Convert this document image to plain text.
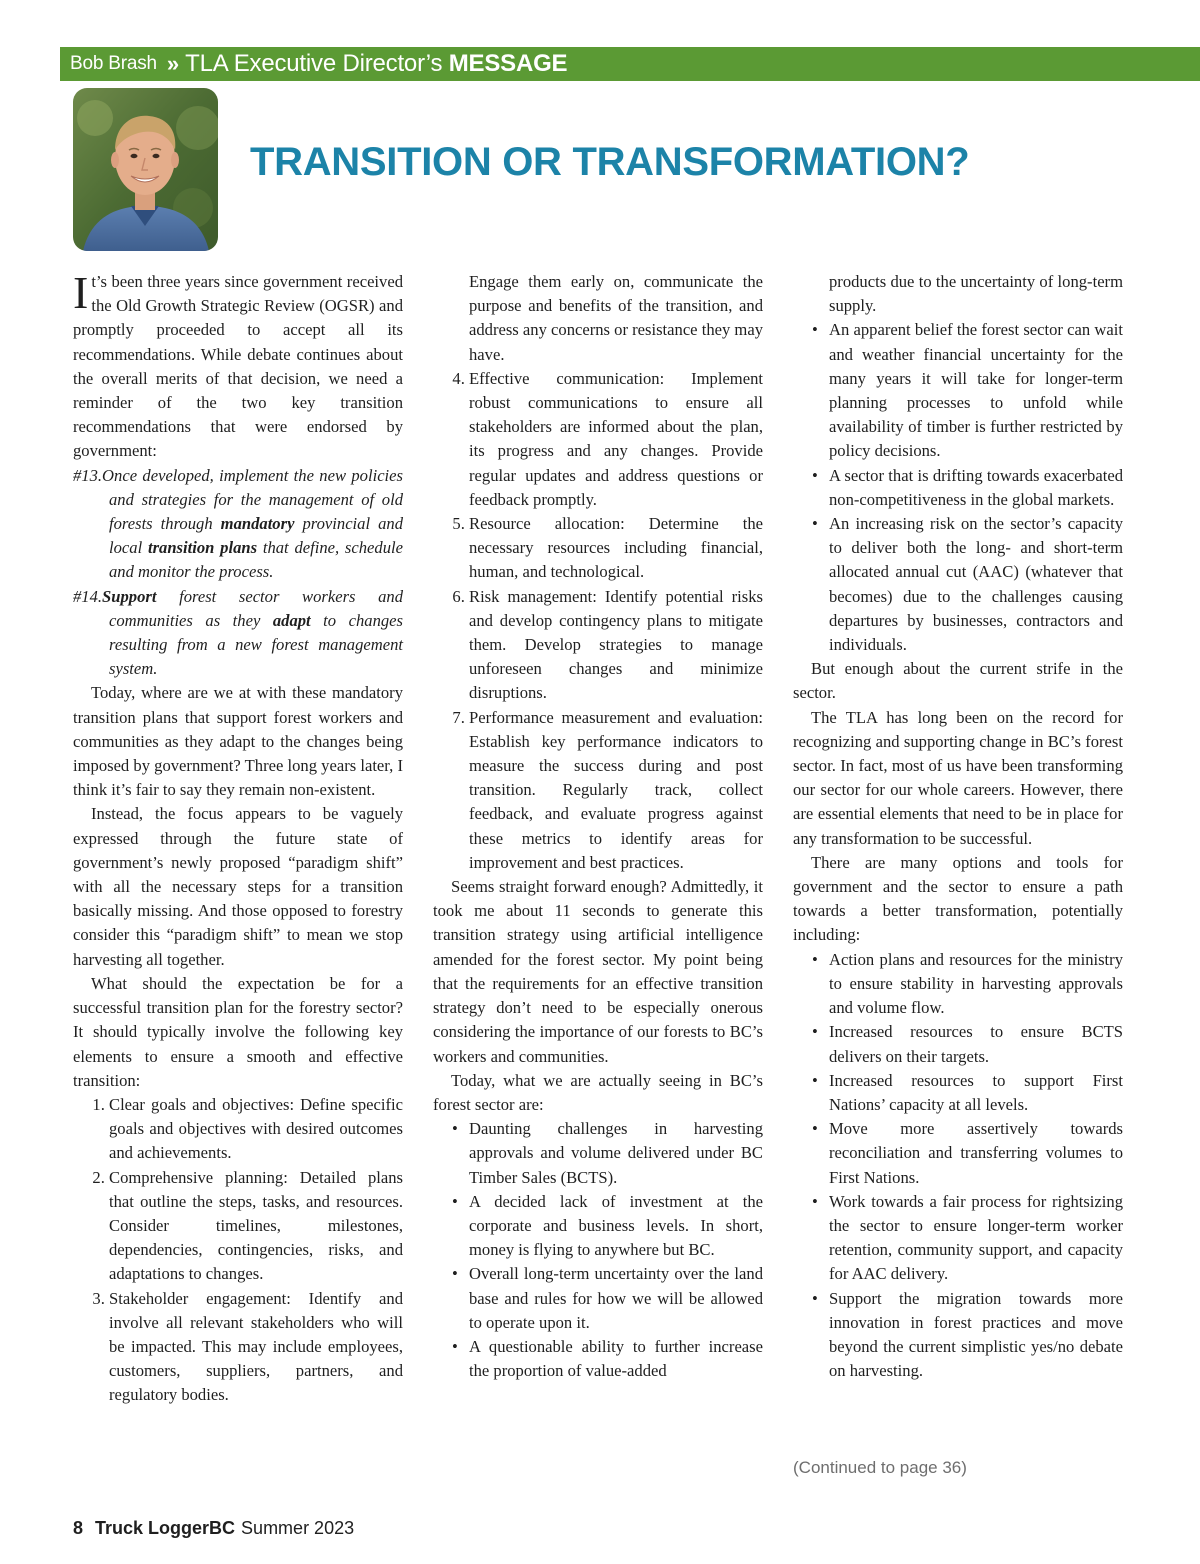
Bob Brash » TLA Executive Director’s MESSAGE
TRANSITION OR TRANSFORMATION?

It’s been three years since government received the Old Growth Strategic Review (OGSR) and promptly proceeded to accept all its recommendations. While debate continues about the overall merits of that decision, we need a reminder of the two key transition recommendations that were endorsed by government:

#13.Once developed, implement the new policies and strategies for the management of old forests through mandatory provincial and local transition plans that define, schedule and monitor the process.
#14.Support forest sector workers and communities as they adapt to changes resulting from a new forest management system.

Today, where are we at with these mandatory transition plans that support forest workers and communities as they adapt to the changes being imposed by government? Three long years later, I think it’s fair to say they remain non-existent.

Instead, the focus appears to be vaguely expressed through the future state of government’s newly proposed “paradigm shift” with all the necessary steps for a transition basically missing. And those opposed to forestry consider this “paradigm shift” to mean we stop harvesting all together.

What should the expectation be for a successful transition plan for the forestry sector? It should typically involve the following key elements to ensure a smooth and effective transition:

1. Clear goals and objectives: Define specific goals and objectives with desired outcomes and achievements.
2. Comprehensive planning: Detailed plans that outline the steps, tasks, and resources. Consider timelines, milestones, dependencies, contingencies, risks, and adaptations to changes.
3. Stakeholder engagement: Identify and involve all relevant stakeholders who will be impacted. This may include employees, customers, suppliers, partners, and regulatory bodies.

Engage them early on, communicate the purpose and benefits of the transition, and address any concerns or resistance they may have.

4. Effective communication: Implement robust communications to ensure all stakeholders are informed about the plan, its progress and any changes. Provide regular updates and address questions or feedback promptly.
5. Resource allocation: Determine the necessary resources including financial, human, and technological.
6. Risk management: Identify potential risks and develop contingency plans to mitigate them. Develop strategies to manage unforeseen changes and minimize disruptions.
7. Performance measurement and evaluation: Establish key performance indicators to measure the success during and post transition. Regularly track, collect feedback, and evaluate progress against these metrics to identify areas for improvement and best practices.

Seems straight forward enough? Admittedly, it took me about 11 seconds to generate this transition strategy using artificial intelligence amended for the forest sector. My point being that the requirements for an effective transition strategy don’t need to be especially onerous considering the importance of our forests to BC’s workers and communities.

Today, what we are actually seeing in BC’s forest sector are:

• Daunting challenges in harvesting approvals and volume delivered under BC Timber Sales (BCTS).
• A decided lack of investment at the corporate and business levels. In short, money is flying to anywhere but BC.
• Overall long-term uncertainty over the land base and rules for how we will be allowed to operate upon it.
• A questionable ability to further increase the proportion of value-added

products due to the uncertainty of long-term supply.

• An apparent belief the forest sector can wait and weather financial uncertainty for the many years it will take for longer-term planning processes to unfold while availability of timber is further restricted by policy decisions.
• A sector that is drifting towards exacerbated non-competitiveness in the global markets.
• An increasing risk on the sector’s capacity to deliver both the long- and short-term allocated annual cut (AAC) (whatever that becomes) due to the challenges causing departures by businesses, contractors and individuals.

But enough about the current strife in the sector.

The TLA has long been on the record for recognizing and supporting change in BC’s forest sector. In fact, most of us have been transforming our sector for our whole careers. However, there are essential elements that need to be in place for any transformation to be successful.

There are many options and tools for government and the sector to ensure a path towards a better transformation, potentially including:

• Action plans and resources for the ministry to ensure stability in harvesting approvals and volume flow.
• Increased resources to ensure BCTS delivers on their targets.
• Increased resources to support First Nations’ capacity at all levels.
• Move more assertively towards reconciliation and transferring volumes to First Nations.
• Work towards a fair process for rightsizing the sector to ensure longer-term worker retention, community support, and capacity for AAC delivery.
• Support the migration towards more innovation in forest practices and move beyond the current simplistic yes/no debate on harvesting.
(Continued to page 36)
8 Truck LoggerBC Summer 2023
